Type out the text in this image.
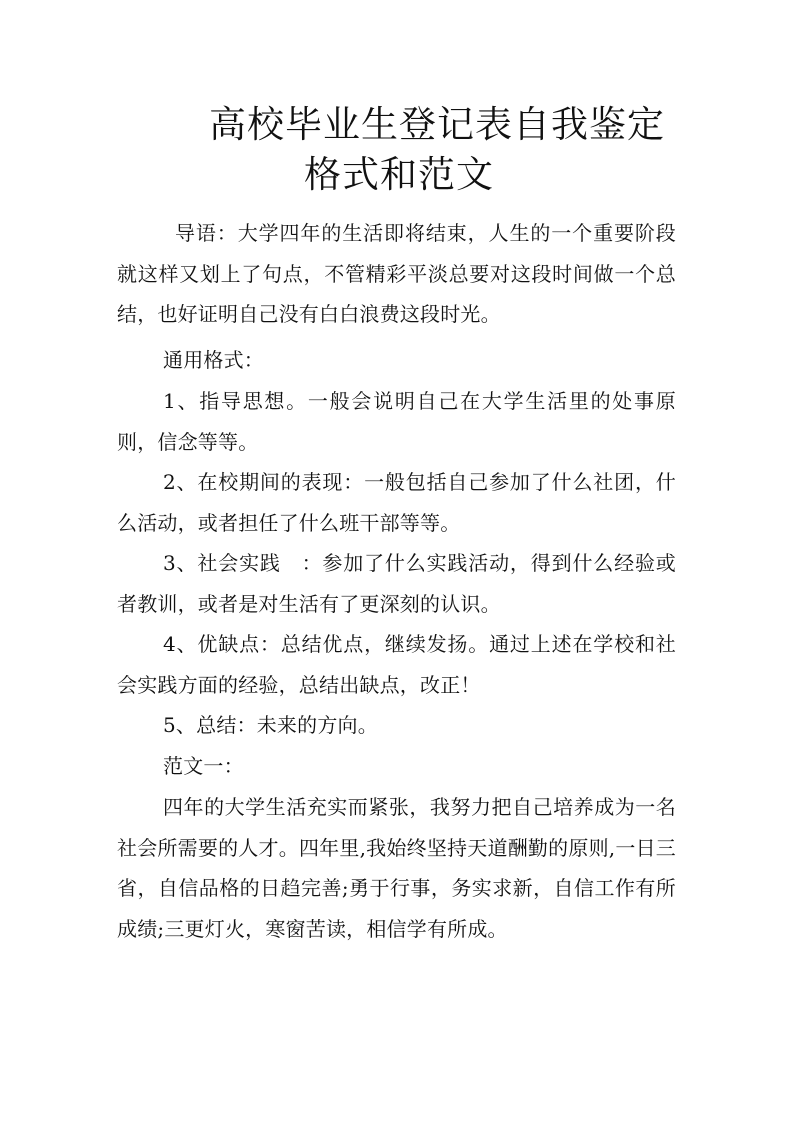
高校毕业生登记表自我鉴定
格式和范文
导语：大学四年的生活即将结束，人生的一个重要阶段就这样又划上了句点，不管精彩平淡总要对这段时间做一个总结，也好证明自己没有白白浪费这段时光。
通用格式：
1、指导思想。一般会说明自己在大学生活里的处事原则，信念等等。
2、在校期间的表现：一般包括自己参加了什么社团，什么活动，或者担任了什么班干部等等。
3、社会实践　：参加了什么实践活动，得到什么经验或者教训，或者是对生活有了更深刻的认识。
4、优缺点：总结优点，继续发扬。通过上述在学校和社会实践方面的经验，总结出缺点，改正！
5、总结：未来的方向。
范文一：
四年的大学生活充实而紧张，我努力把自己培养成为一名社会所需要的人才。四年里,我始终坚持天道酬勤的原则,一日三省，自信品格的日趋完善;勇于行事，务实求新，自信工作有所成绩;三更灯火，寒窗苦读，相信学有所成。
